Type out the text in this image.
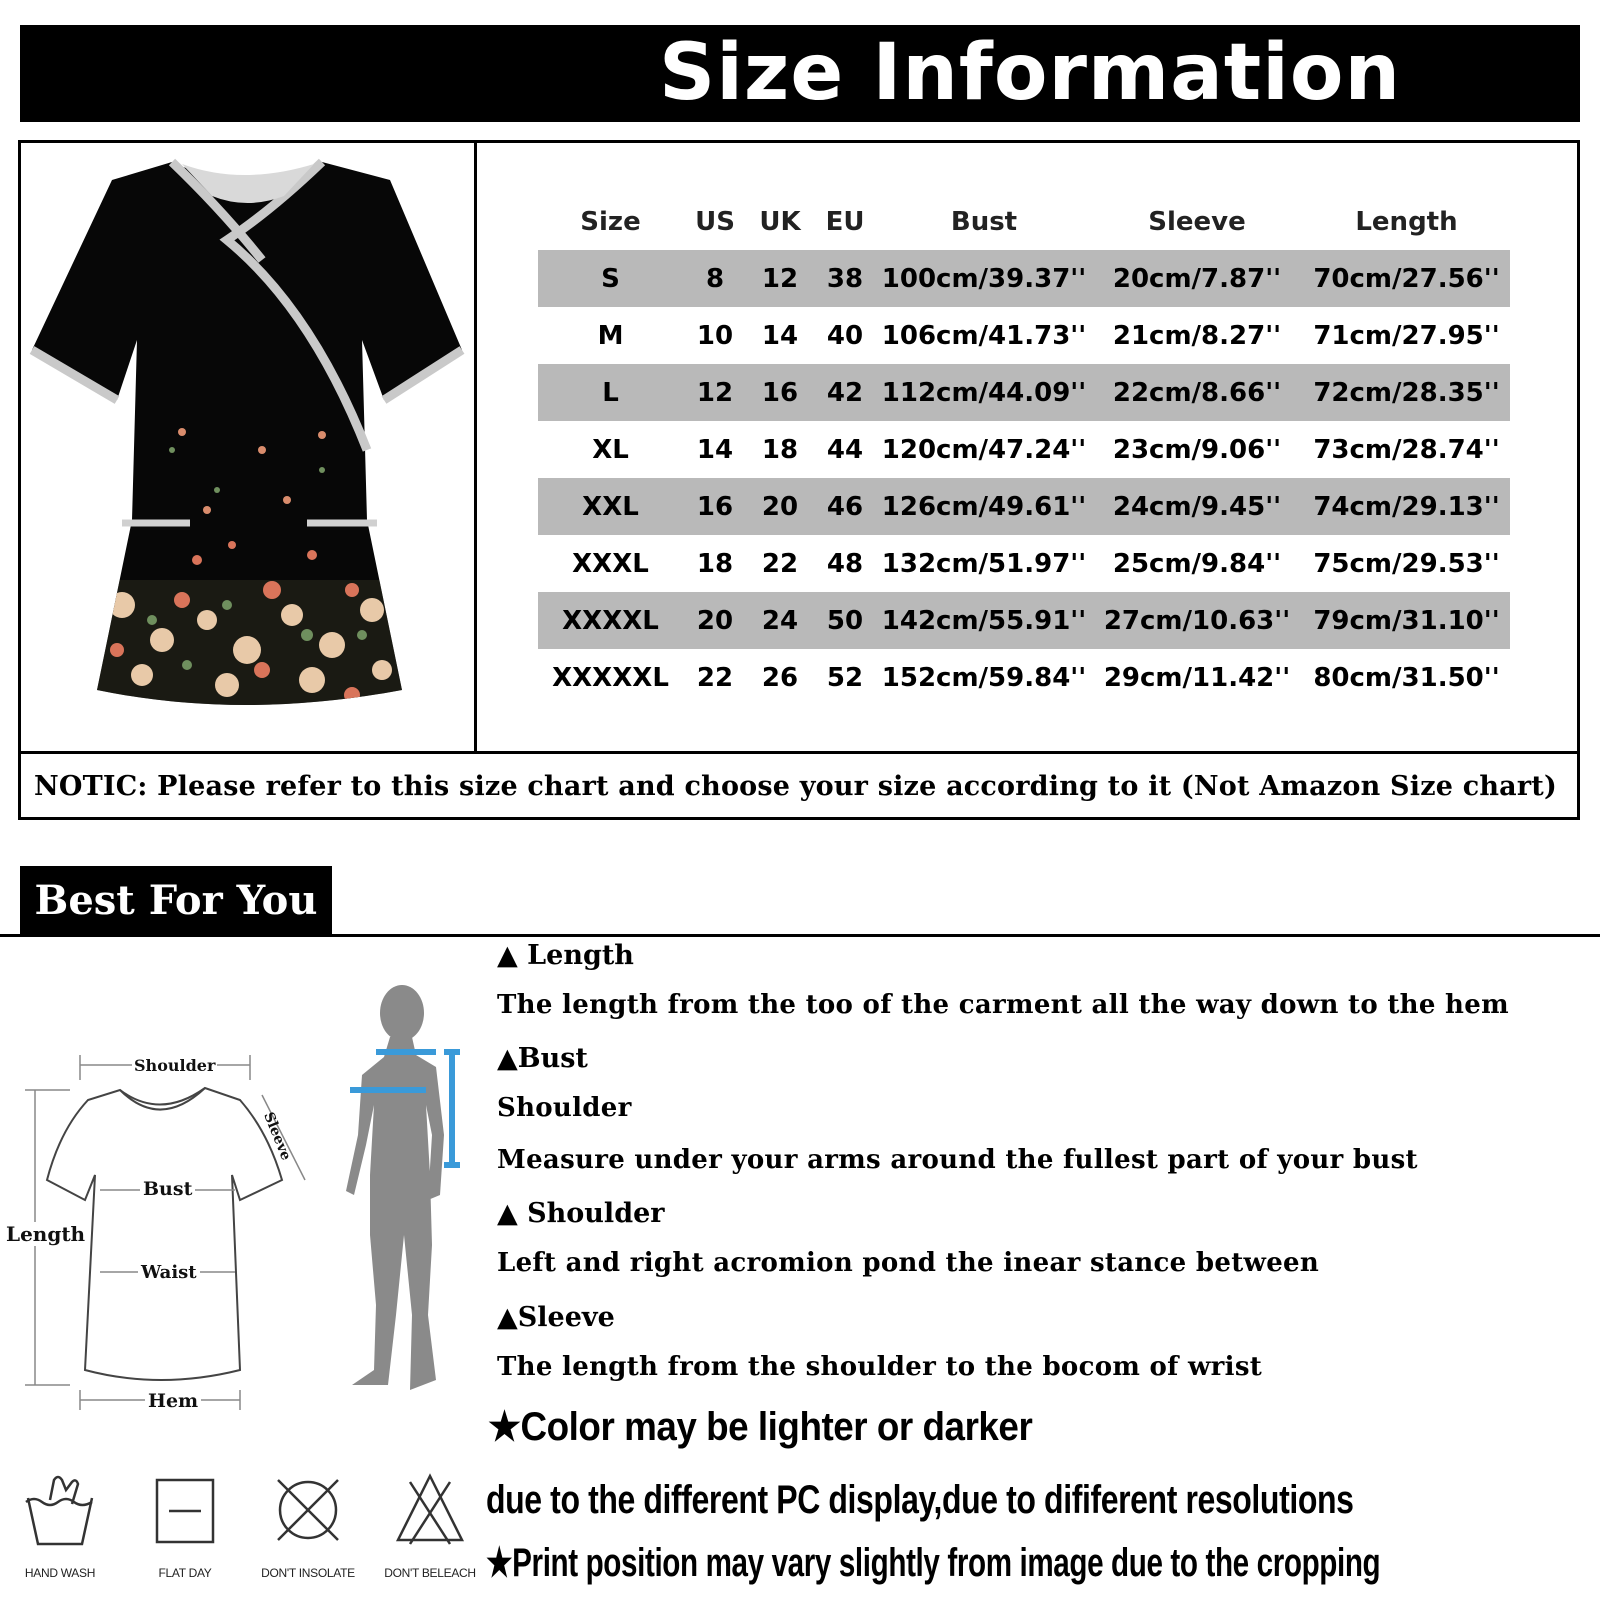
Size Information
Size	US	UK	EU	Bust	Sleeve	Length
S	8	12	38	100cm/39.37''	20cm/7.87''	70cm/27.56''
M	10	14	40	106cm/41.73''	21cm/8.27''	71cm/27.95''
L	12	16	42	112cm/44.09''	22cm/8.66''	72cm/28.35''
XL	14	18	44	120cm/47.24''	23cm/9.06''	73cm/28.74''
XXL	16	20	46	126cm/49.61''	24cm/9.45''	74cm/29.13''
XXXL	18	22	48	132cm/51.97''	25cm/9.84''	75cm/29.53''
XXXXL	20	24	50	142cm/55.91''	27cm/10.63''	79cm/31.10''
XXXXXL	22	26	52	152cm/59.84''	29cm/11.42''	80cm/31.50''
NOTIC: Please refer to this size chart and choose your size according to it (Not Amazon Size chart)
Best For You
Shoulder
Sleeve
Bust
Length
Waist
Hem
▲ Length
The length from the too of the carment all the way down to the hem
▲Bust
Shoulder
Measure under your arms around the fullest part of your bust
▲ Shoulder
Left and right acromion pond the inear stance between
▲Sleeve
The length from the shoulder to the bocom of wrist
★Color may be lighter or darker
due to the different PC display,due to dififerent resolutions
★Print position may vary slightly from image due to the cropping
HAND WASH	FLAT DAY	DON'T INSOLATE	DON'T BELEACH
